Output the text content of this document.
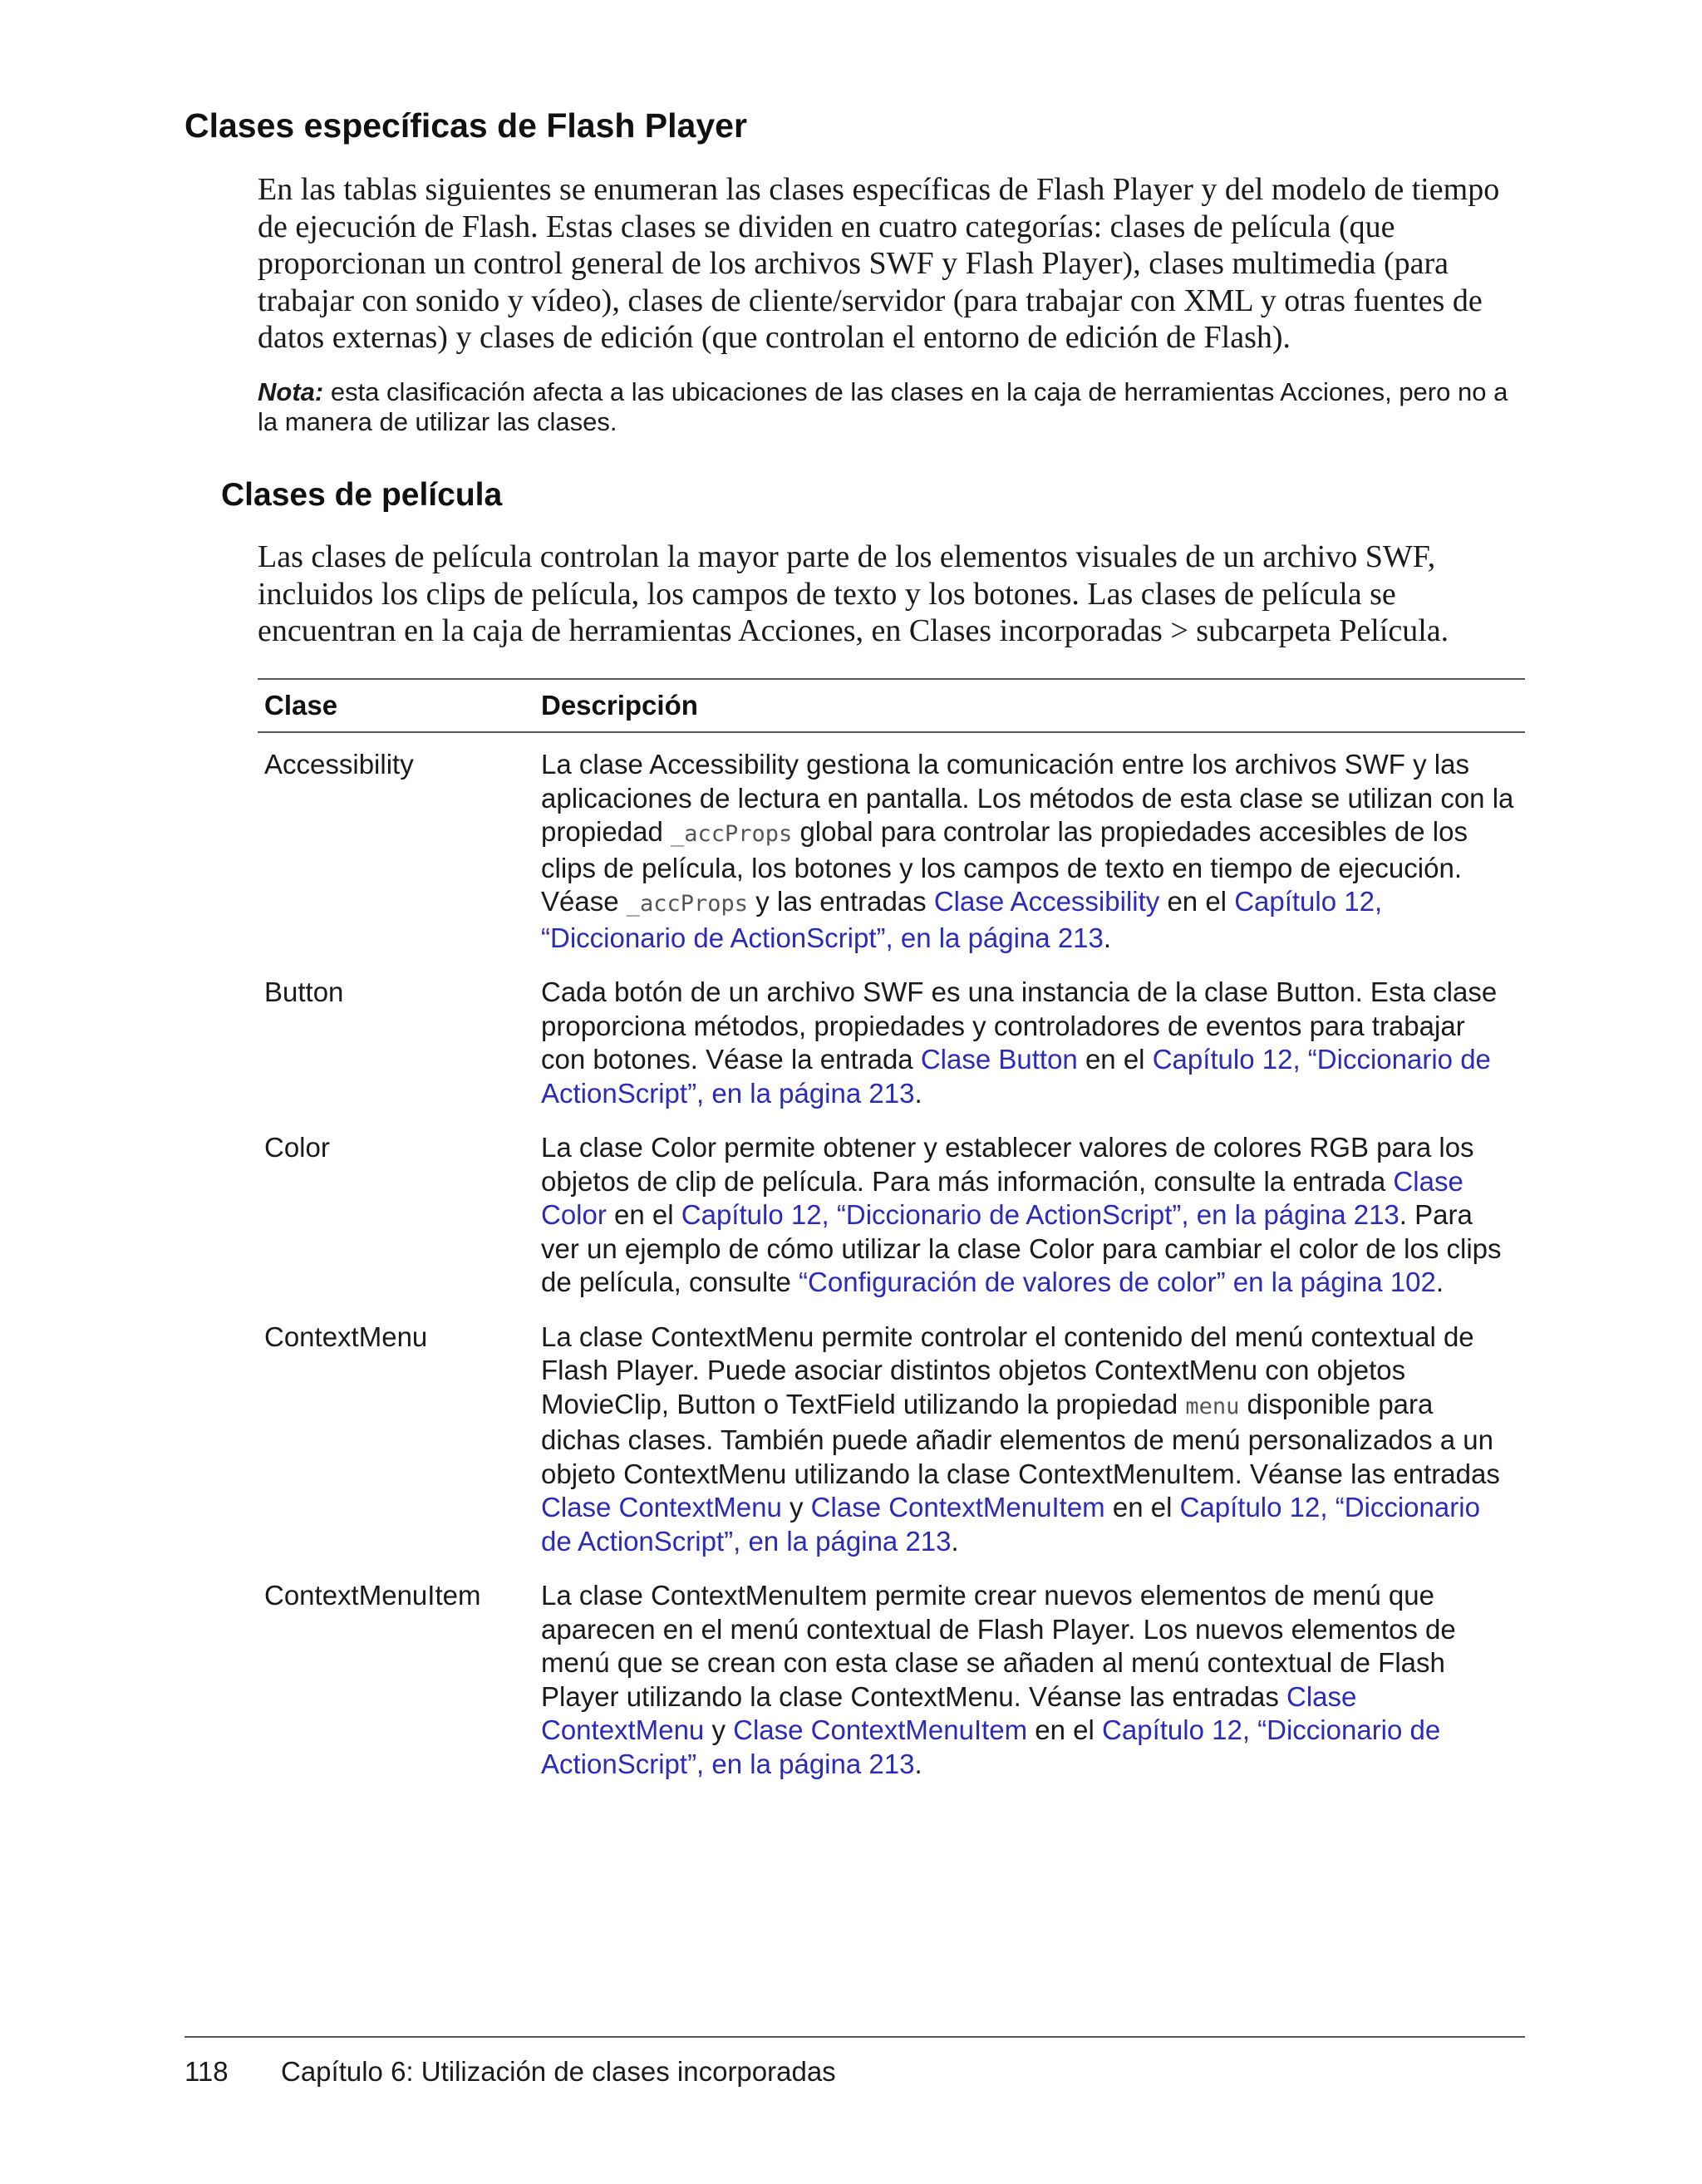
Clases específicas de Flash Player

En las tablas siguientes se enumeran las clases específicas de Flash Player y del modelo de tiempo de ejecución de Flash. Estas clases se dividen en cuatro categorías: clases de película (que proporcionan un control general de los archivos SWF y Flash Player), clases multimedia (para trabajar con sonido y vídeo), clases de cliente/servidor (para trabajar con XML y otras fuentes de datos externas) y clases de edición (que controlan el entorno de edición de Flash).

Nota: esta clasificación afecta a las ubicaciones de las clases en la caja de herramientas Acciones, pero no a la manera de utilizar las clases.

Clases de película

Las clases de película controlan la mayor parte de los elementos visuales de un archivo SWF, incluidos los clips de película, los campos de texto y los botones. Las clases de película se encuentran en la caja de herramientas Acciones, en Clases incorporadas > subcarpeta Película.

Clase	Descripción
Accessibility	La clase Accessibility gestiona la comunicación entre los archivos SWF y las aplicaciones de lectura en pantalla. Los métodos de esta clase se utilizan con la propiedad _accProps global para controlar las propiedades accesibles de los clips de película, los botones y los campos de texto en tiempo de ejecución. Véase _accProps y las entradas Clase Accessibility en el Capítulo 12, “Diccionario de ActionScript”, en la página 213.
Button	Cada botón de un archivo SWF es una instancia de la clase Button. Esta clase proporciona métodos, propiedades y controladores de eventos para trabajar con botones. Véase la entrada Clase Button en el Capítulo 12, “Diccionario de ActionScript”, en la página 213.
Color	La clase Color permite obtener y establecer valores de colores RGB para los objetos de clip de película. Para más información, consulte la entrada Clase Color en el Capítulo 12, “Diccionario de ActionScript”, en la página 213. Para ver un ejemplo de cómo utilizar la clase Color para cambiar el color de los clips de película, consulte “Configuración de valores de color” en la página 102.
ContextMenu	La clase ContextMenu permite controlar el contenido del menú contextual de Flash Player. Puede asociar distintos objetos ContextMenu con objetos MovieClip, Button o TextField utilizando la propiedad menu disponible para dichas clases. También puede añadir elementos de menú personalizados a un objeto ContextMenu utilizando la clase ContextMenuItem. Véanse las entradas Clase ContextMenu y Clase ContextMenuItem en el Capítulo 12, “Diccionario de ActionScript”, en la página 213.
ContextMenuItem	La clase ContextMenuItem permite crear nuevos elementos de menú que aparecen en el menú contextual de Flash Player. Los nuevos elementos de menú que se crean con esta clase se añaden al menú contextual de Flash Player utilizando la clase ContextMenu. Véanse las entradas Clase ContextMenu y Clase ContextMenuItem en el Capítulo 12, “Diccionario de ActionScript”, en la página 213.
118 Capítulo 6: Utilización de clases incorporadas
